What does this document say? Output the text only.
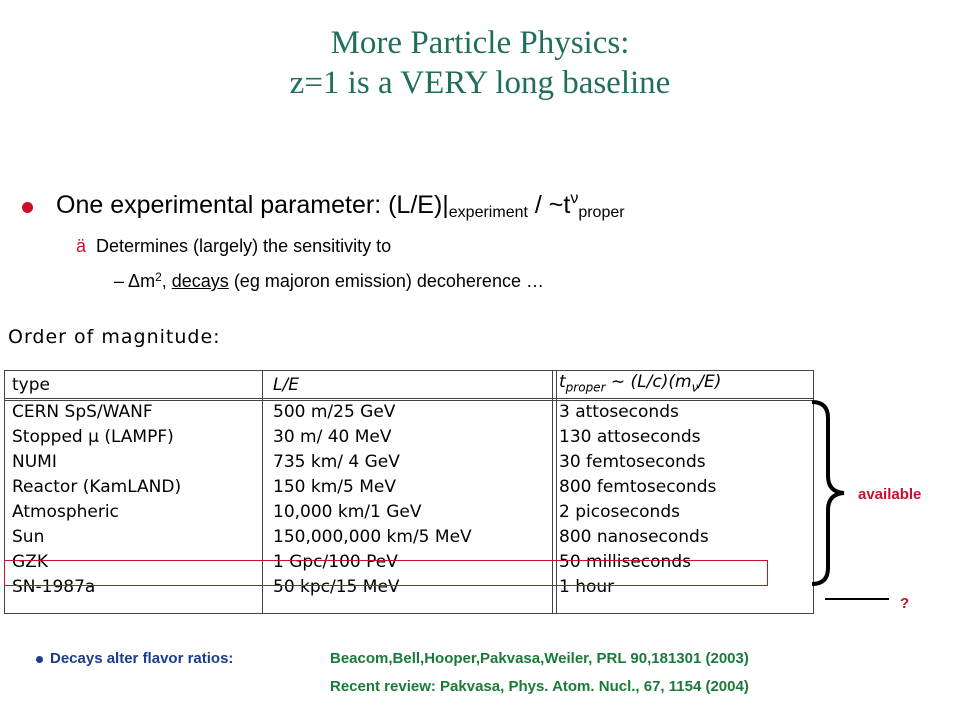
More Particle Physics:
z=1 is a VERY long baseline
One experimental parameter: $(L/E)|_{experiment}$ / $\sim t^\nu_{proper}$
ä Determines (largely) the sensitivity to
– $\Delta m^2$, decays (eg majoron emission) decoherence …
Order of magnitude:
type	L/E	$t_{proper}$ ∼ $(L/c)(m_\nu/E)$
CERN SpS/WANF	500 m/25 GeV	3 attoseconds
Stopped μ (LAMPF)	30 m/ 40 MeV	130 attoseconds
NUMI	735 km/ 4 GeV	30 femtoseconds
Reactor (KamLAND)	150 km/5 MeV	800 femtoseconds
Atmospheric	10,000 km/1 GeV	2 picoseconds
Sun	150,000,000 km/5 MeV	800 nanoseconds
GZK	1 Gpc/100 PeV	50 milliseconds
SN-1987a	50 kpc/15 MeV	1 hour
available
?
Decays alter flavor ratios:	Beacom,Bell,Hooper,Pakvasa,Weiler, PRL 90,181301 (2003)
Recent review: Pakvasa, Phys. Atom. Nucl., 67, 1154 (2004)
